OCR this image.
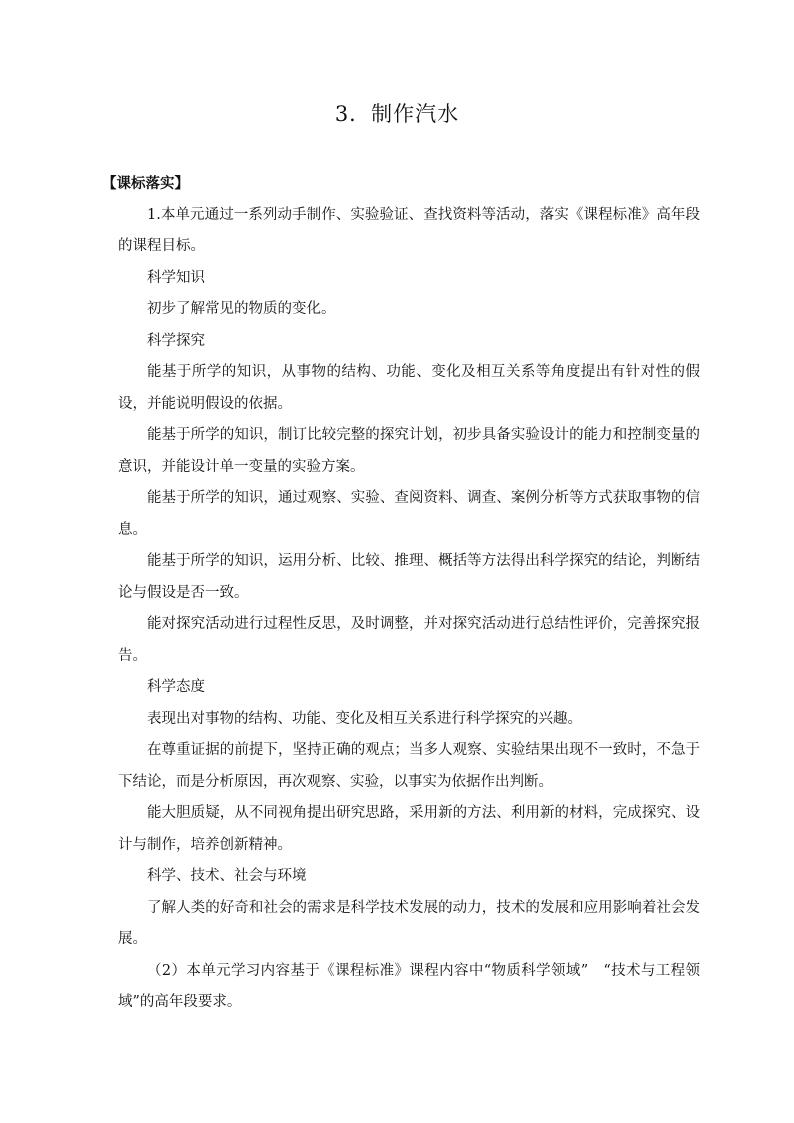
3．制作汽水
【课标落实】

1.本单元通过一系列动手制作、实验验证、查找资料等活动，落实《课程标准》高年段的课程目标。

科学知识

初步了解常见的物质的变化。

科学探究

能基于所学的知识，从事物的结构、功能、变化及相互关系等角度提出有针对性的假设，并能说明假设的依据。

能基于所学的知识，制订比较完整的探究计划，初步具备实验设计的能力和控制变量的意识，并能设计单一变量的实验方案。

能基于所学的知识，通过观察、实验、查阅资料、调查、案例分析等方式获取事物的信息。

能基于所学的知识，运用分析、比较、推理、概括等方法得出科学探究的结论，判断结论与假设是否一致。

能对探究活动进行过程性反思，及时调整，并对探究活动进行总结性评价，完善探究报告。

科学态度

表现出对事物的结构、功能、变化及相互关系进行科学探究的兴趣。

在尊重证据的前提下，坚持正确的观点；当多人观察、实验结果出现不一致时，不急于下结论，而是分析原因，再次观察、实验，以事实为依据作出判断。

能大胆质疑，从不同视角提出研究思路，采用新的方法、利用新的材料，完成探究、设计与制作，培养创新精神。

科学、技术、社会与环境

了解人类的好奇和社会的需求是科学技术发展的动力，技术的发展和应用影响着社会发展。

（2）本单元学习内容基于《课程标准》课程内容中“物质科学领域”　“技术与工程领域”的高年段要求。
